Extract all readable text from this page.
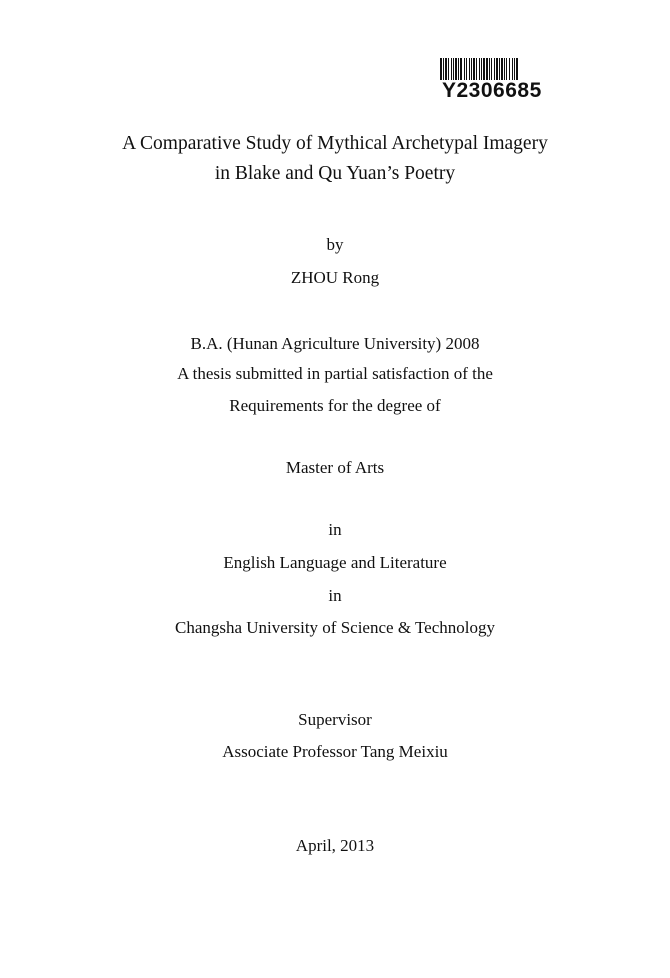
Y2306685
A Comparative Study of Mythical Archetypal Imagery
in Blake and Qu Yuan’s Poetry
by
ZHOU Rong
B.A. (Hunan Agriculture University) 2008
A thesis submitted in partial satisfaction of the
Requirements for the degree of
Master of Arts
in
English Language and Literature
in
Changsha University of Science & Technology
Supervisor
Associate Professor Tang Meixiu
April, 2013
